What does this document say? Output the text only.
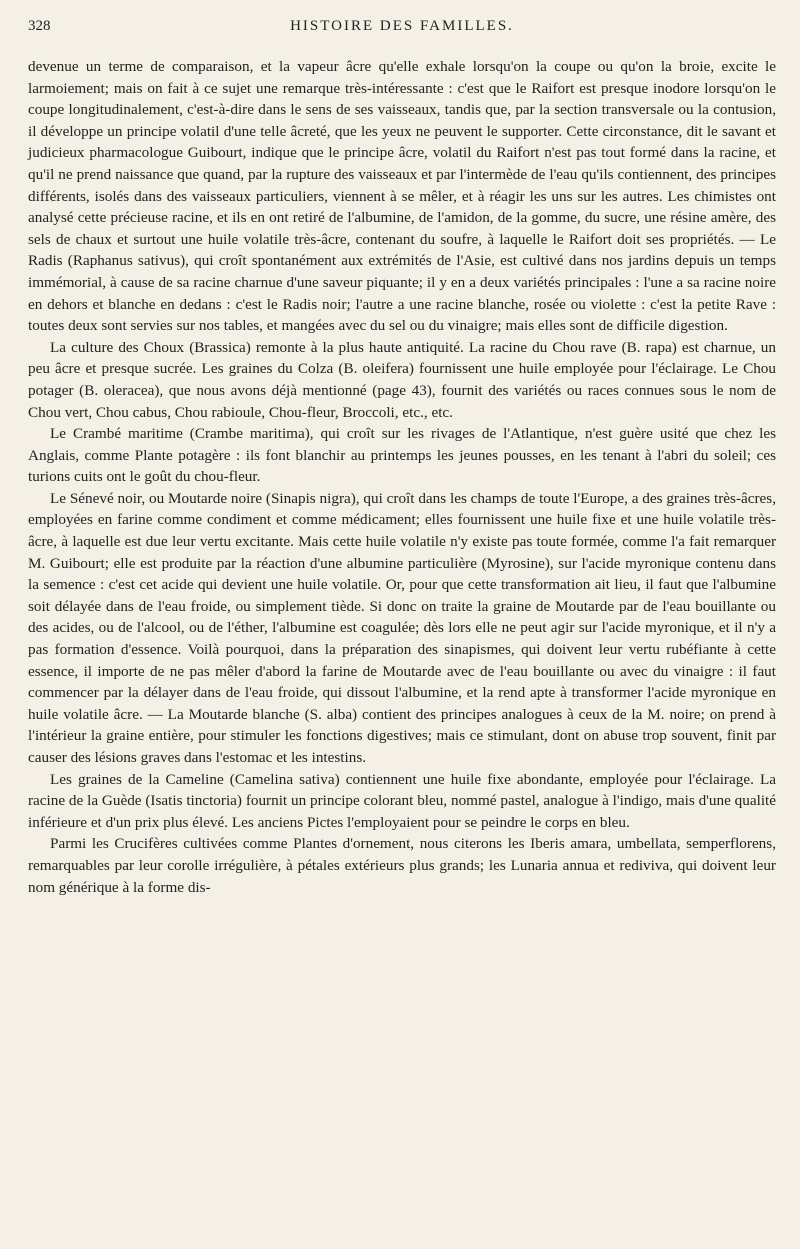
328	HISTOIRE DES FAMILLES.

devenue un terme de comparaison, et la vapeur âcre qu'elle exhale lorsqu'on la coupe ou qu'on la broie, excite le larmoiement; mais on fait à ce sujet une remarque très-intéressante : c'est que le Raifort est presque inodore lorsqu'on le coupe longitudinalement, c'est-à-dire dans le sens de ses vaisseaux, tandis que, par la section transversale ou la contusion, il développe un principe volatil d'une telle âcreté, que les yeux ne peuvent le supporter. Cette circonstance, dit le savant et judicieux pharmacologue Guibourt, indique que le principe âcre, volatil du Raifort n'est pas tout formé dans la racine, et qu'il ne prend naissance que quand, par la rupture des vaisseaux et par l'intermède de l'eau qu'ils contiennent, des principes différents, isolés dans des vaisseaux particuliers, viennent à se mêler, et à réagir les uns sur les autres. Les chimistes ont analysé cette précieuse racine, et ils en ont retiré de l'albumine, de l'amidon, de la gomme, du sucre, une résine amère, des sels de chaux et surtout une huile volatile très-âcre, contenant du soufre, à laquelle le Raifort doit ses propriétés. — Le Radis (Raphanus sativus), qui croît spontanément aux extrémités de l'Asie, est cultivé dans nos jardins depuis un temps immémorial, à cause de sa racine charnue d'une saveur piquante; il y en a deux variétés principales : l'une a sa racine noire en dehors et blanche en dedans : c'est le Radis noir; l'autre a une racine blanche, rosée ou violette : c'est la petite Rave : toutes deux sont servies sur nos tables, et mangées avec du sel ou du vinaigre; mais elles sont de difficile digestion.

La culture des Choux (Brassica) remonte à la plus haute antiquité. La racine du Chou rave (B. rapa) est charnue, un peu âcre et presque sucrée. Les graines du Colza (B. oleifera) fournissent une huile employée pour l'éclairage. Le Chou potager (B. oleracea), que nous avons déjà mentionné (page 43), fournit des variétés ou races connues sous le nom de Chou vert, Chou cabus, Chou rabioule, Chou-fleur, Broccoli, etc., etc.

Le Crambé maritime (Crambe maritima), qui croît sur les rivages de l'Atlantique, n'est guère usité que chez les Anglais, comme Plante potagère : ils font blanchir au printemps les jeunes pousses, en les tenant à l'abri du soleil; ces turions cuits ont le goût du chou-fleur.

Le Sénevé noir, ou Moutarde noire (Sinapis nigra), qui croît dans les champs de toute l'Europe, a des graines très-âcres, employées en farine comme condiment et comme médicament; elles fournissent une huile fixe et une huile volatile très-âcre, à laquelle est due leur vertu excitante. Mais cette huile volatile n'y existe pas toute formée, comme l'a fait remarquer M. Guibourt; elle est produite par la réaction d'une albumine particulière (Myrosine), sur l'acide myronique contenu dans la semence : c'est cet acide qui devient une huile volatile. Or, pour que cette transformation ait lieu, il faut que l'albumine soit délayée dans de l'eau froide, ou simplement tiède. Si donc on traite la graine de Moutarde par de l'eau bouillante ou des acides, ou de l'alcool, ou de l'éther, l'albumine est coagulée; dès lors elle ne peut agir sur l'acide myronique, et il n'y a pas formation d'essence. Voilà pourquoi, dans la préparation des sinapismes, qui doivent leur vertu rubéfiante à cette essence, il importe de ne pas mêler d'abord la farine de Moutarde avec de l'eau bouillante ou avec du vinaigre : il faut commencer par la délayer dans de l'eau froide, qui dissout l'albumine, et la rend apte à transformer l'acide myronique en huile volatile âcre. — La Moutarde blanche (S. alba) contient des principes analogues à ceux de la M. noire; on prend à l'intérieur la graine entière, pour stimuler les fonctions digestives; mais ce stimulant, dont on abuse trop souvent, finit par causer des lésions graves dans l'estomac et les intestins.

Les graines de la Cameline (Camelina sativa) contiennent une huile fixe abondante, employée pour l'éclairage. La racine de la Guède (Isatis tinctoria) fournit un principe colorant bleu, nommé pastel, analogue à l'indigo, mais d'une qualité inférieure et d'un prix plus élevé. Les anciens Pictes l'employaient pour se peindre le corps en bleu.

Parmi les Crucifères cultivées comme Plantes d'ornement, nous citerons les Iberis amara, umbellata, semperflorens, remarquables par leur corolle irrégulière, à pétales extérieurs plus grands; les Lunaria annua et rediviva, qui doivent leur nom générique à la forme dis-
